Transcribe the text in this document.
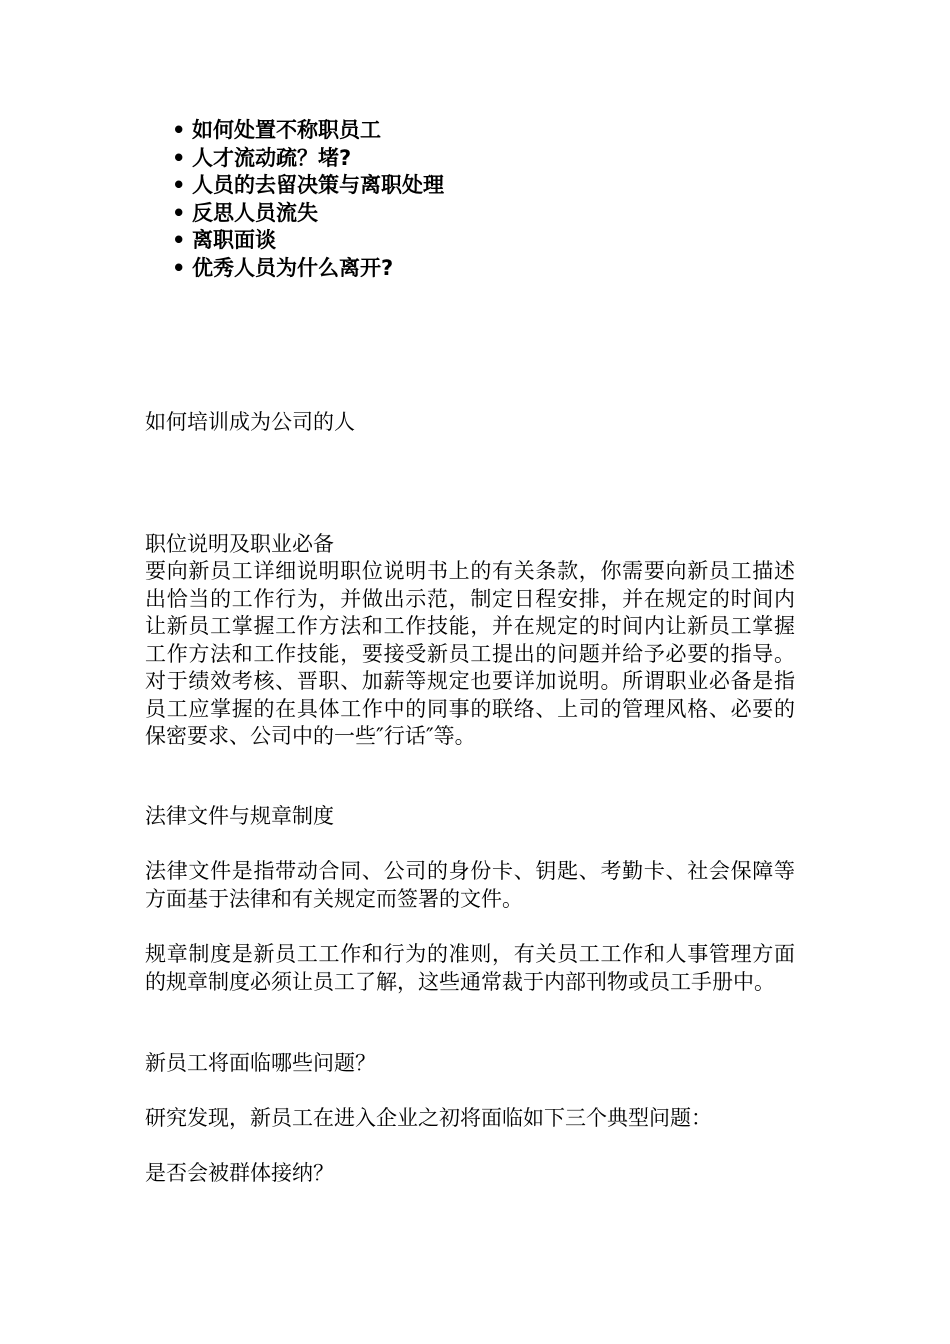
• 如何处置不称职员工
• 人才流动疏？堵?
• 人员的去留决策与离职处理
• 反思人员流失
• 离职面谈
• 优秀人员为什么离开?

如何培训成为公司的人

职位说明及职业必备

要向新员工详细说明职位说明书上的有关条款，你需要向新员工描述出恰当的工作行为，并做出示范，制定日程安排，并在规定的时间内让新员工掌握工作方法和工作技能，并在规定的时间内让新员工掌握工作方法和工作技能，要接受新员工提出的问题并给予必要的指导。对于绩效考核、晋职、加薪等规定也要详加说明。所谓职业必备是指员工应掌握的在具体工作中的同事的联络、上司的管理风格、必要的保密要求、公司中的一些″行话″等。

法律文件与规章制度

法律文件是指带动合同、公司的身份卡、钥匙、考勤卡、社会保障等方面基于法律和有关规定而签署的文件。

规章制度是新员工工作和行为的准则，有关员工工作和人事管理方面的规章制度必须让员工了解，这些通常裁于内部刊物或员工手册中。

新员工将面临哪些问题？

研究发现，新员工在进入企业之初将面临如下三个典型问题：

是否会被群体接纳？
